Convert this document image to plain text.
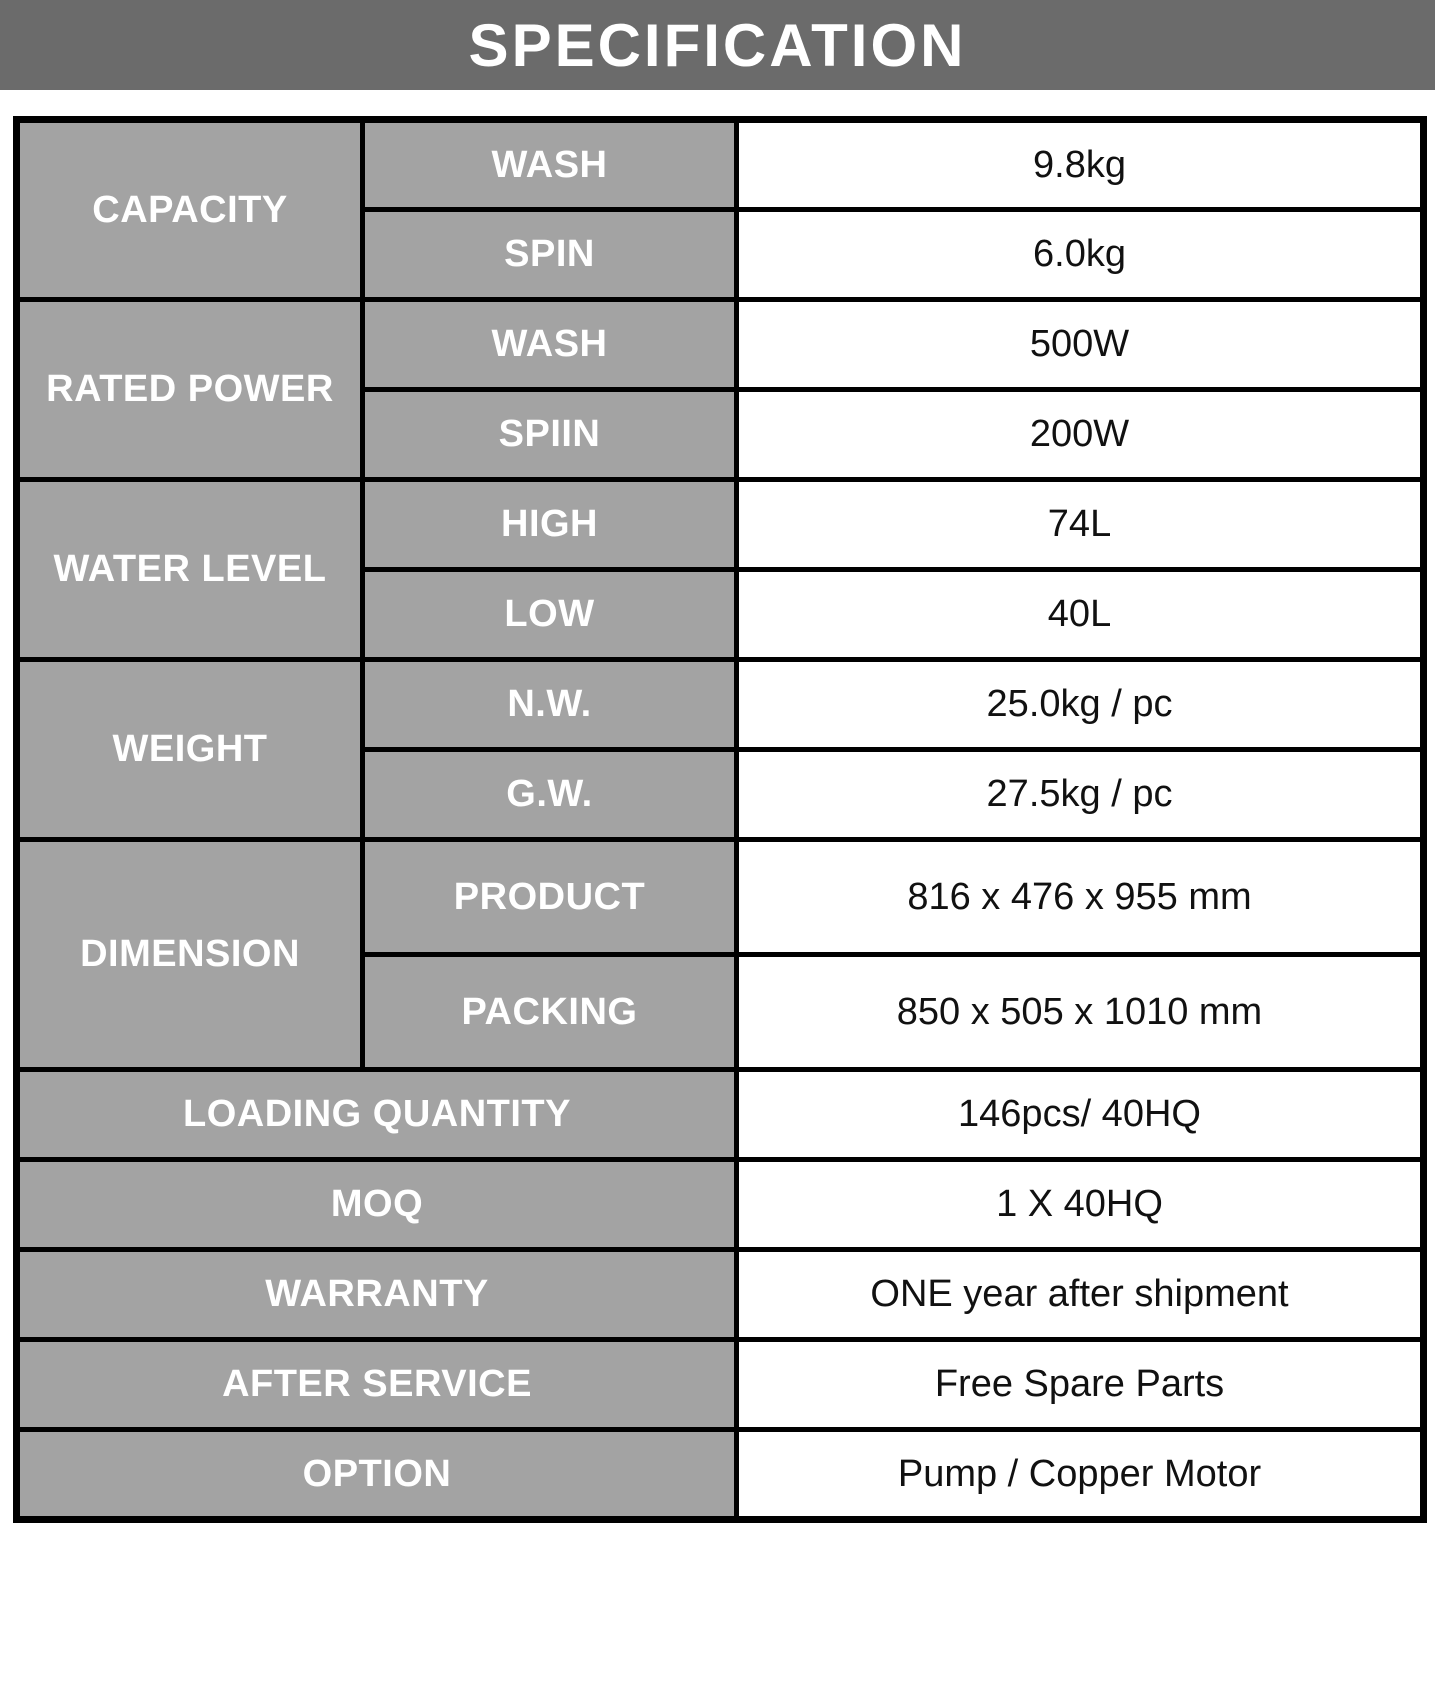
SPECIFICATION
CAPACITY	WASH	9.8kg
	SPIN	6.0kg
RATED POWER	WASH	500W
	SPIIN	200W
WATER LEVEL	HIGH	74L
	LOW	40L
WEIGHT	N.W.	25.0kg / pc
	G.W.	27.5kg / pc
DIMENSION	PRODUCT	816 x 476 x 955 mm
	PACKING	850 x 505 x 1010 mm
LOADING QUANTITY		146pcs/ 40HQ
MOQ		1 X 40HQ
WARRANTY		ONE year after shipment
AFTER SERVICE		Free Spare Parts
OPTION		Pump / Copper Motor
